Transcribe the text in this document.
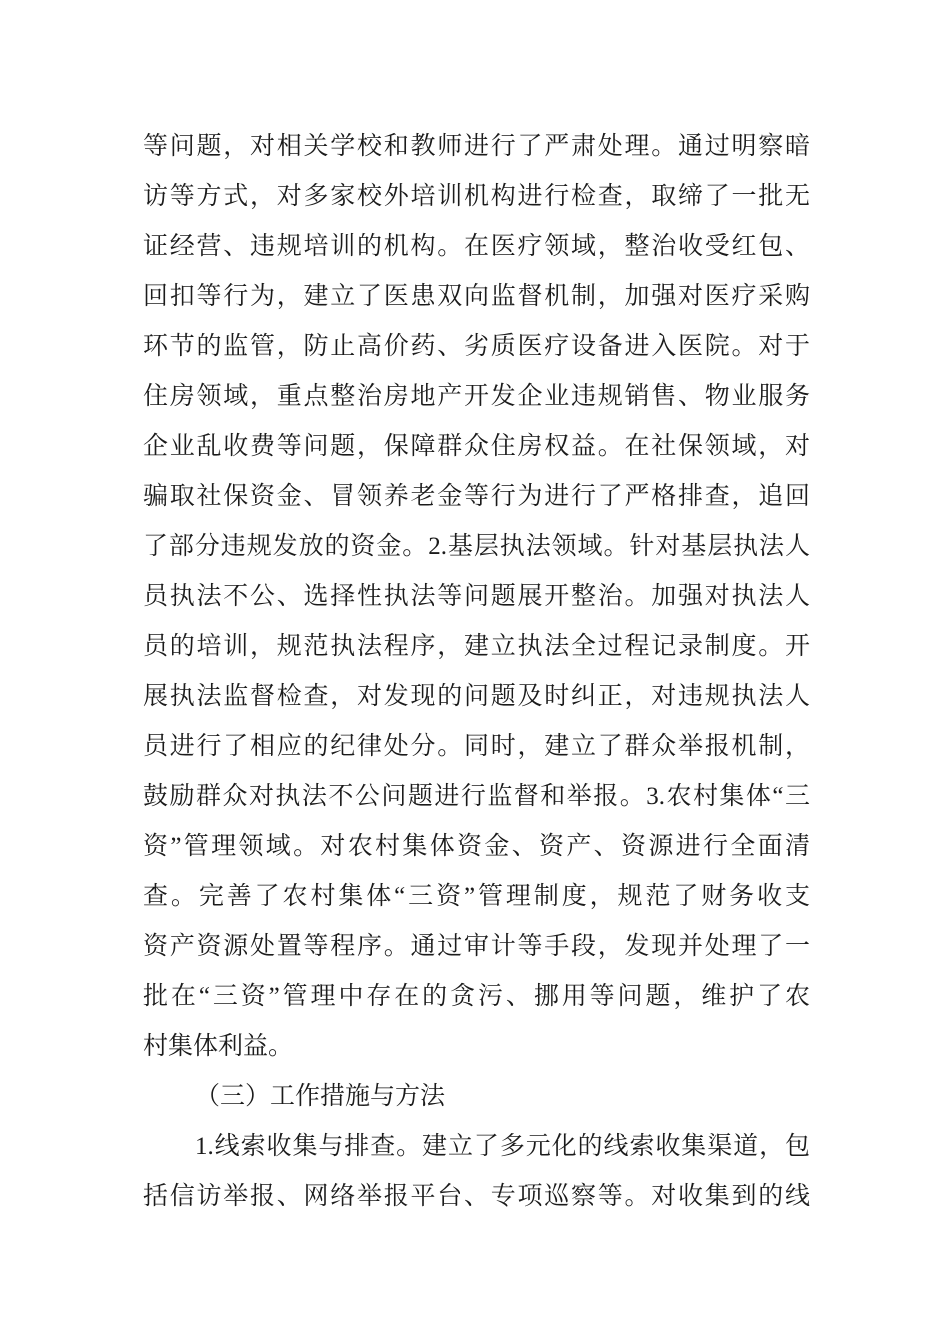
等问题，对相关学校和教师进行了严肃处理。通过明察暗
访等方式，对多家校外培训机构进行检查，取缔了一批无
证经营、违规培训的机构。在医疗领域，整治收受红包、
回扣等行为，建立了医患双向监督机制，加强对医疗采购
环节的监管，防止高价药、劣质医疗设备进入医院。对于
住房领域，重点整治房地产开发企业违规销售、物业服务
企业乱收费等问题，保障群众住房权益。在社保领域，对
骗取社保资金、冒领养老金等行为进行了严格排查，追回
了部分违规发放的资金。2.基层执法领域。针对基层执法人
员执法不公、选择性执法等问题展开整治。加强对执法人
员的培训，规范执法程序，建立执法全过程记录制度。开
展执法监督检查，对发现的问题及时纠正，对违规执法人
员进行了相应的纪律处分。同时，建立了群众举报机制，
鼓励群众对执法不公问题进行监督和举报。3.农村集体“三
资”管理领域。对农村集体资金、资产、资源进行全面清
查。完善了农村集体“三资”管理制度，规范了财务收支
资产资源处置等程序。通过审计等手段，发现并处理了一
批在“三资”管理中存在的贪污、挪用等问题，维护了农
村集体利益。
（三）工作措施与方法
1.线索收集与排查。建立了多元化的线索收集渠道，包
括信访举报、网络举报平台、专项巡察等。对收集到的线
